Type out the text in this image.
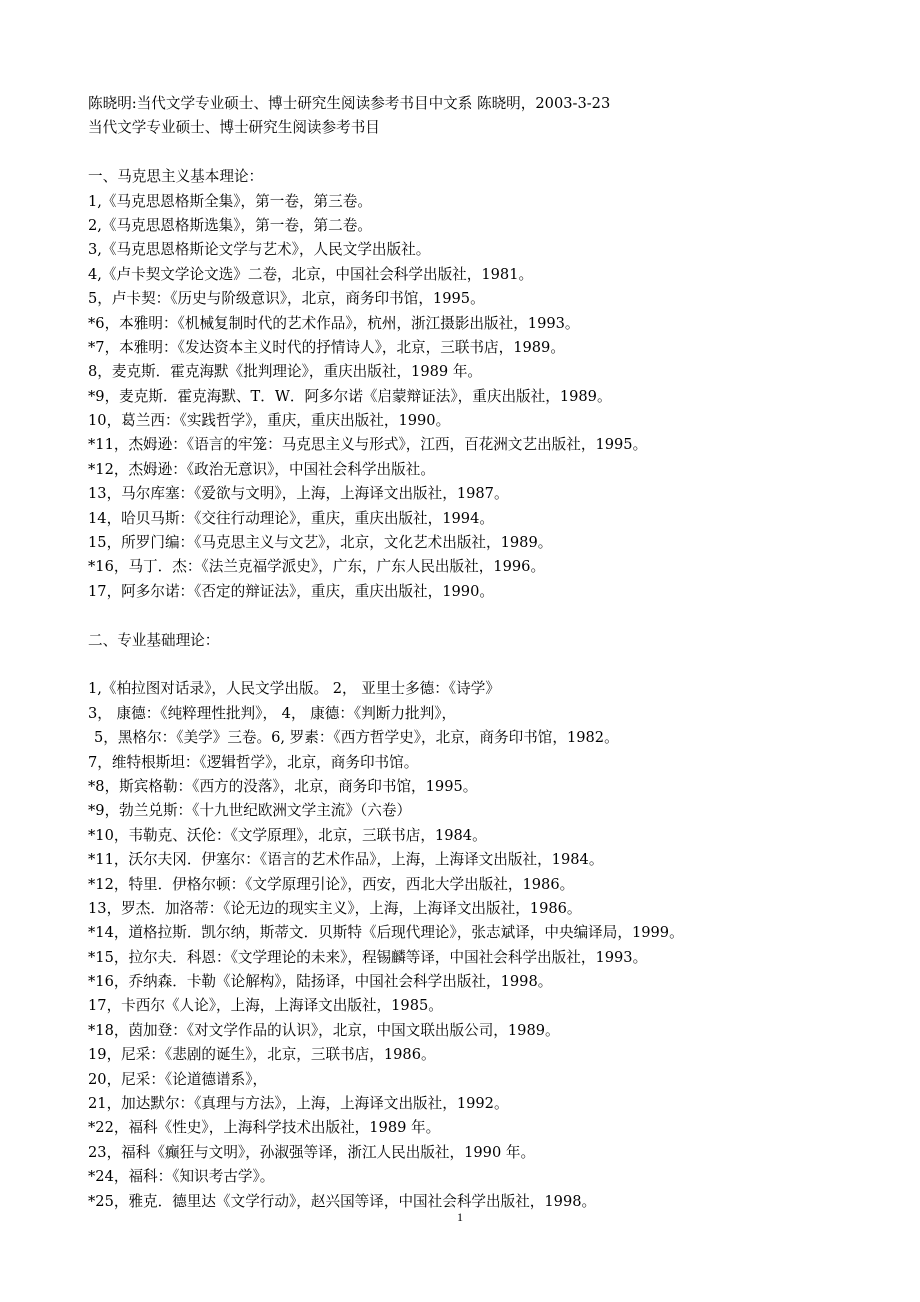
陈晓明:当代文学专业硕士、博士研究生阅读参考书目中文系 陈晓明，2003-3-23
当代文学专业硕士、博士研究生阅读参考书目
一、马克思主义基本理论：
1,《马克思恩格斯全集》，第一卷，第三卷。
2,《马克思恩格斯选集》，第一卷，第二卷。
3,《马克思恩格斯论文学与艺术》，人民文学出版社。
4,《卢卡契文学论文选》二卷，北京，中国社会科学出版社，1981。
5，卢卡契：《历史与阶级意识》，北京，商务印书馆，1995。
*6，本雅明：《机械复制时代的艺术作品》，杭州，浙江摄影出版社，1993。
*7，本雅明：《发达资本主义时代的抒情诗人》，北京，三联书店，1989。
8，麦克斯．霍克海默《批判理论》，重庆出版社，1989 年。
*9，麦克斯．霍克海默、T．W．阿多尔诺《启蒙辩证法》，重庆出版社，1989。
10，葛兰西：《实践哲学》，重庆，重庆出版社，1990。
*11，杰姆逊：《语言的牢笼：马克思主义与形式》，江西，百花洲文艺出版社，1995。
*12，杰姆逊：《政治无意识》，中国社会科学出版社。
13，马尔库塞：《爱欲与文明》，上海，上海译文出版社，1987。
14，哈贝马斯：《交往行动理论》，重庆，重庆出版社，1994。
15，所罗门编：《马克思主义与文艺》，北京，文化艺术出版社，1989。
*16，马丁．杰：《法兰克福学派史》，广东，广东人民出版社，1996。
17，阿多尔诺：《否定的辩证法》，重庆，重庆出版社，1990。
二、专业基础理论：
1,《柏拉图对话录》，人民文学出版。 2， 亚里士多德：《诗学》
3， 康德：《纯粹理性批判》， 4， 康德：《判断力批判》，
5，黑格尔：《美学》三卷。6, 罗素：《西方哲学史》，北京，商务印书馆，1982。
7，维特根斯坦：《逻辑哲学》，北京，商务印书馆。
*8，斯宾格勒：《西方的没落》，北京，商务印书馆，1995。
*9，勃兰兑斯：《十九世纪欧洲文学主流》（六卷）
*10，韦勒克、沃伦：《文学原理》，北京，三联书店，1984。
*11，沃尔夫冈．伊塞尔：《语言的艺术作品》，上海，上海译文出版社，1984。
*12，特里．伊格尔顿：《文学原理引论》，西安，西北大学出版社，1986。
13，罗杰．加洛蒂：《论无边的现实主义》，上海，上海译文出版社，1986。
*14，道格拉斯．凯尔纳，斯蒂文．贝斯特《后现代理论》，张志斌译，中央编译局，1999。
*15，拉尔夫．科恩：《文学理论的未来》，程锡麟等译，中国社会科学出版社，1993。
*16，乔纳森．卡勒《论解构》，陆扬译，中国社会科学出版社，1998。
17，卡西尔《人论》，上海，上海译文出版社，1985。
*18，茵加登：《对文学作品的认识》，北京，中国文联出版公司，1989。
19，尼采：《悲剧的诞生》，北京，三联书店，1986。
20，尼采：《论道德谱系》，
21，加达默尔：《真理与方法》，上海，上海译文出版社，1992。
*22，福科《性史》，上海科学技术出版社，1989 年。
23，福科《癫狂与文明》，孙淑强等译，浙江人民出版社，1990 年。
*24，福科：《知识考古学》。
*25，雅克．德里达《文学行动》，赵兴国等译，中国社会科学出版社，1998。
1
